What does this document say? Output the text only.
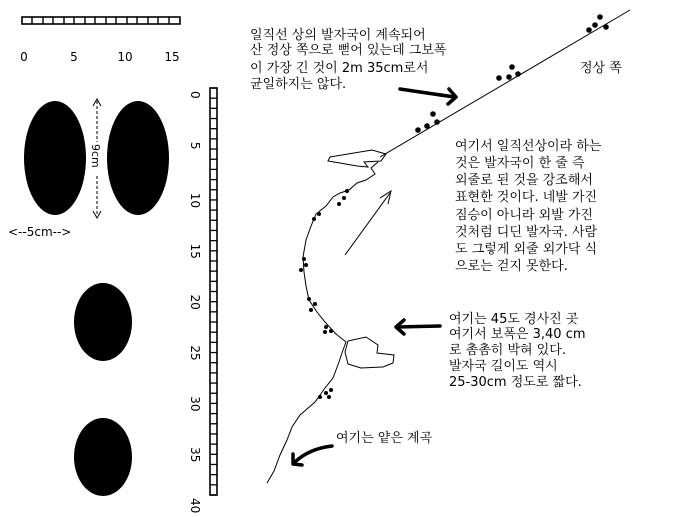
0	5	10	15
9cm
<--5cm-->
0
5
10
15
20
25
30
35
40
일직선 상의 발자국이 계속되어
산 정상 쪽으로 뻗어 있는데 그보폭
이 가장 긴 것이 2m 35cm로서
균일하지는 않다.
정상 쪽
여기서 일직선상이라 하는
것은 발자국이 한 줄 즉
외줄로 된 것을 강조해서
표현한 것이다. 네발 가진
짐승이 아니라 외발 가진
것처럼 디딘 발자국. 사람
도 그렇게 외줄 외가닥 식
으로는 걷지 못한다.
여기는 45도 경사진 곳
여기서 보폭은 3,40 cm
로 촘촘히 박혀 있다.
발자국 길이도 역시
25-30cm 정도로 짧다.
여기는 얕은 계곡
